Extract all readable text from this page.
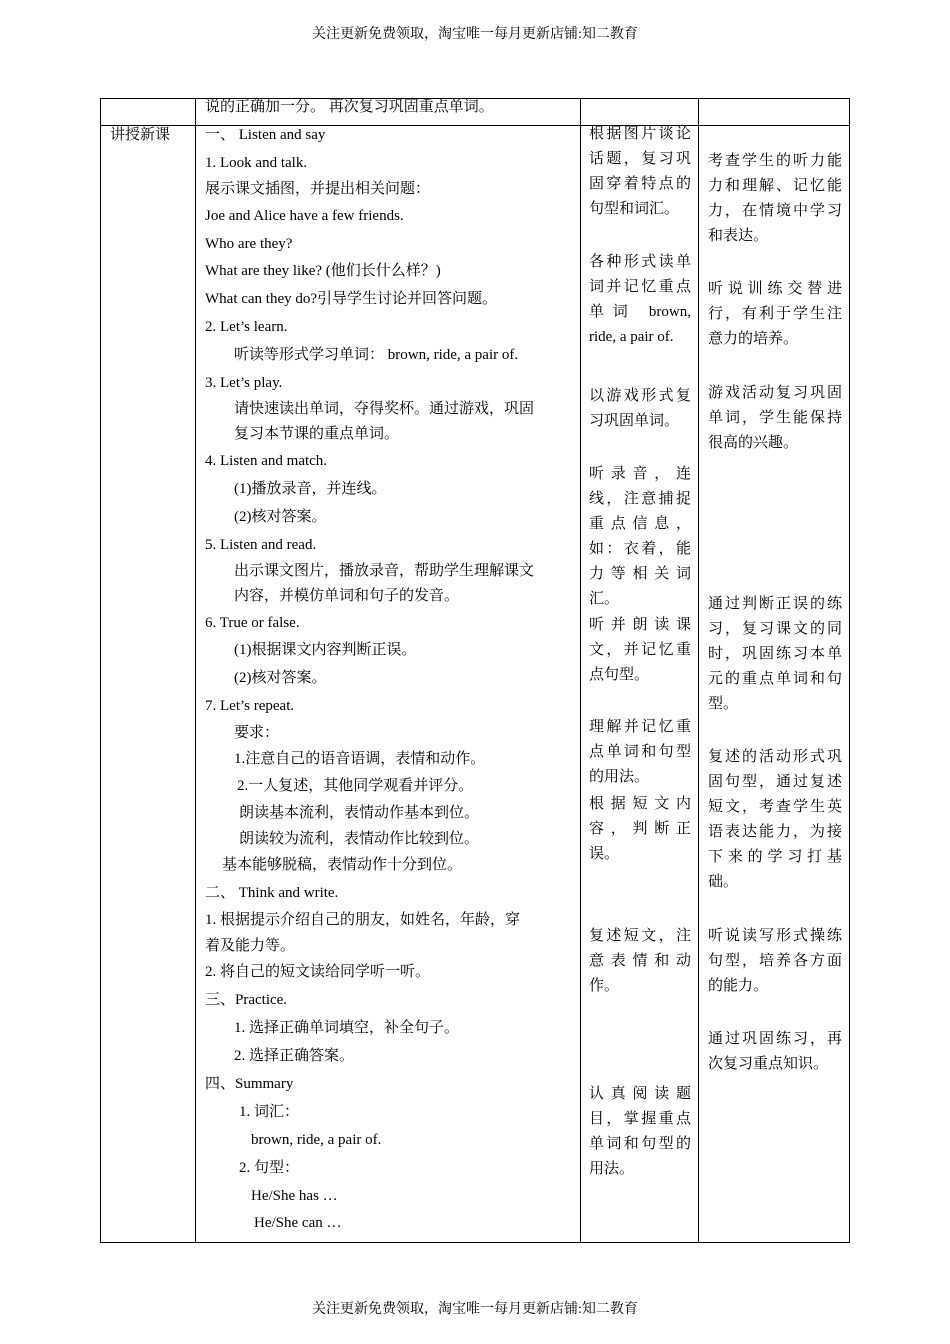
关注更新免费领取，淘宝唯一每月更新店铺:知二教育
说的正确加一分。 再次复习巩固重点单词。
讲授新课 一、 Listen and say
1. Look and talk.
展示课文插图，并提出相关问题：
Joe and Alice have a few friends.
Who are they?
What are they like? (他们长什么样？)
What can they do?引导学生讨论并回答问题。
2. Let’s learn.
听读等形式学习单词： brown, ride, a pair of.
3. Let’s play.
请快速读出单词，夺得奖杯。通过游戏，巩固
复习本节课的重点单词。
4. Listen and match.
(1)播放录音，并连线。
(2)核对答案。
5. Listen and read.
出示课文图片，播放录音，帮助学生理解课文
内容，并模仿单词和句子的发音。
6. True or false.
(1)根据课文内容判断正误。
(2)核对答案。
7. Let’s repeat.
要求：
1.注意自己的语音语调，表情和动作。
2.一人复述，其他同学观看并评分。
朗读基本流利，表情动作基本到位。
朗读较为流利，表情动作比较到位。
基本能够脱稿，表情动作十分到位。
二、 Think and write.
1. 根据提示介绍自己的朋友，如姓名，年龄，穿
着及能力等。
2. 将自己的短文读给同学听一听。
三、Practice.
1. 选择正确单词填空，补全句子。
2. 选择正确答案。
四、Summary
1. 词汇：
brown, ride, a pair of.
2. 句型：
He/She has …
He/She can …
根据图片谈论话题，复习巩固穿着特点的句型和词汇。
各种形式读单词并记忆重点单词 brown, ride, a pair of.
以游戏形式复习巩固单词。
听录音，连线，注意捕捉重点信息，如：衣着，能力等相关词汇。
听并朗读课文，并记忆重点句型。
理解并记忆重点单词和句型的用法。
根据短文内容，判断正误。
复述短文，注意表情和动作。
认真阅读题目，掌握重点单词和句型的用法。
考查学生的听力能力和理解、记忆能力，在情境中学习和表达。
听说训练交替进行，有利于学生注意力的培养。
游戏活动复习巩固单词，学生能保持很高的兴趣。
通过判断正误的练习，复习课文的同时，巩固练习本单元的重点单词和句型。
复述的活动形式巩固句型，通过复述短文，考查学生英语表达能力，为接下来的学习打基础。
听说读写形式操练句型，培养各方面的能力。
通过巩固练习，再次复习重点知识。
关注更新免费领取，淘宝唯一每月更新店铺:知二教育
